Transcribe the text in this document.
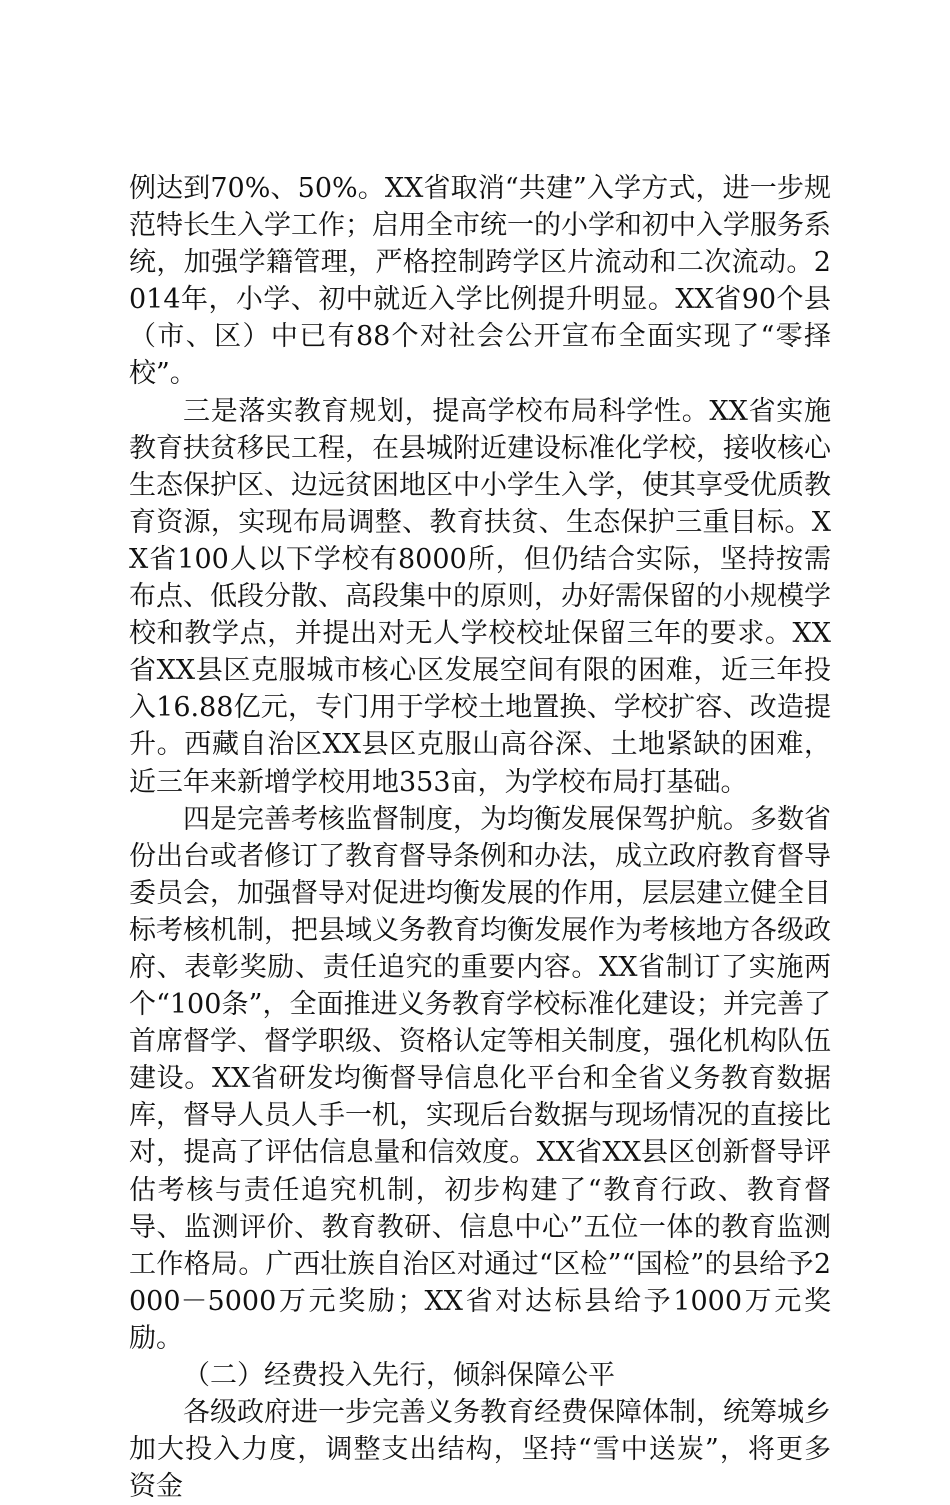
例达到70%、50%。XX省取消“共建”入学方式，进一步规范特长生入学工作；启用全市统一的小学和初中入学服务系统，加强学籍管理，严格控制跨学区片流动和二次流动。2014年，小学、初中就近入学比例提升明显。XX省90个县（市、区）中已有88个对社会公开宣布全面实现了“零择校”。

三是落实教育规划，提高学校布局科学性。XX省实施教育扶贫移民工程，在县城附近建设标准化学校，接收核心生态保护区、边远贫困地区中小学生入学，使其享受优质教育资源，实现布局调整、教育扶贫、生态保护三重目标。XX省100人以下学校有8000所，但仍结合实际，坚持按需布点、低段分散、高段集中的原则，办好需保留的小规模学校和教学点，并提出对无人学校校址保留三年的要求。XX省XX县区克服城市核心区发展空间有限的困难，近三年投入16.88亿元，专门用于学校土地置换、学校扩容、改造提升。西藏自治区XX县区克服山高谷深、土地紧缺的困难，近三年来新增学校用地353亩，为学校布局打基础。

四是完善考核监督制度，为均衡发展保驾护航。多数省份出台或者修订了教育督导条例和办法，成立政府教育督导委员会，加强督导对促进均衡发展的作用，层层建立健全目标考核机制，把县域义务教育均衡发展作为考核地方各级政府、表彰奖励、责任追究的重要内容。XX省制订了实施两个“100条”，全面推进义务教育学校标准化建设；并完善了首席督学、督学职级、资格认定等相关制度，强化机构队伍建设。XX省研发均衡督导信息化平台和全省义务教育数据库，督导人员人手一机，实现后台数据与现场情况的直接比对，提高了评估信息量和信效度。XX省XX县区创新督导评估考核与责任追究机制，初步构建了“教育行政、教育督导、监测评价、教育教研、信息中心”五位一体的教育监测工作格局。广西壮族自治区对通过“区检”“国检”的县给予2000－5000万元奖励；XX省对达标县给予1000万元奖励。

（二）经费投入先行，倾斜保障公平

各级政府进一步完善义务教育经费保障体制，统筹城乡加大投入力度，调整支出结构，坚持“雪中送炭”，将更多资金
